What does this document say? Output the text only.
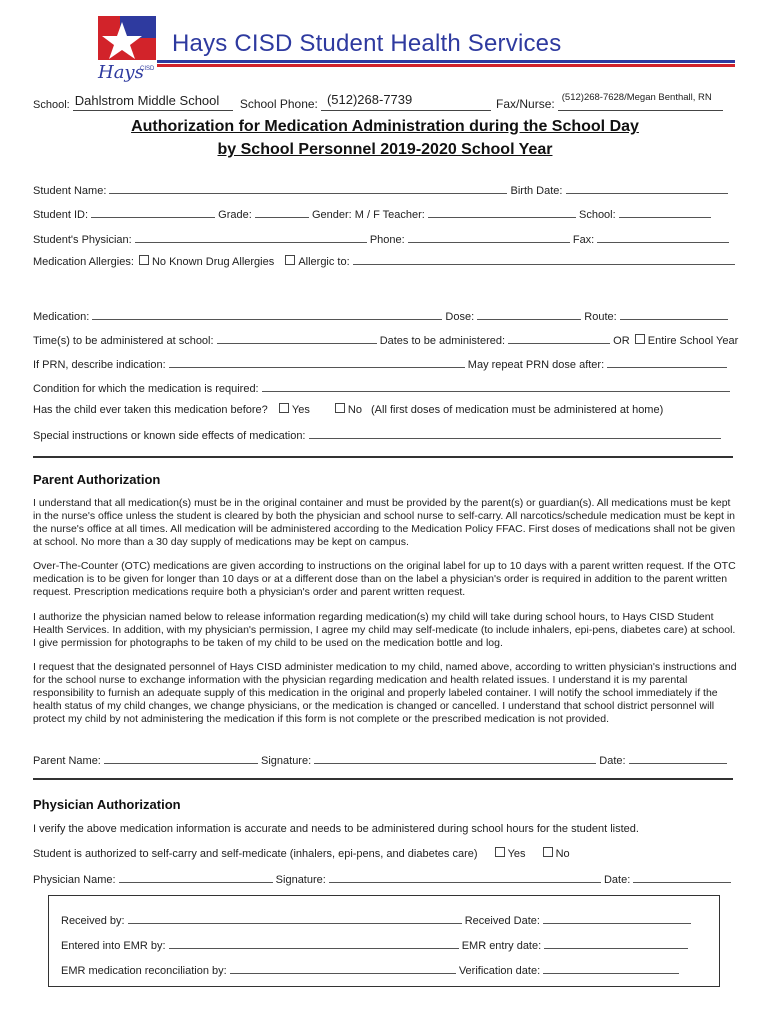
Hays
CISD
Hays CISD Student Health Services
School: Dahlstrom Middle School School Phone: (512)268-7739	Fax/Nurse: (512)268-7628/Megan Benthall, RN
Authorization for Medication Administration during the School Day
by School Personnel 2019-2020 School Year
Student Name:	Birth Date:
Student ID:	Grade:	Gender: M / F Teacher:	School:
Student's Physician:	Phone:	Fax:
Medication Allergies: No Known Drug Allergies Allergic to:
Medication:	Dose:	Route:
Time(s) to be administered at school:	Dates to be administered:	OR Entire School Year
If PRN, describe indication:	May repeat PRN dose after:
Condition for which the medication is required:
Has the child ever taken this medication before? Yes	No (All first doses of medication must be administered at home)
Special instructions or known side effects of medication:
Parent Authorization
I understand that all medication(s) must be in the original container and must be provided by the parent(s) or guardian(s). All medications must be kept in the nurse's office unless the student is cleared by both the physician and school nurse to self-carry. All narcotics/schedule medication must be kept in the nurse's office at all times. All medication will be administered according to the Medication Policy FFAC. First doses of medications shall not be given at school. No more than a 30 day supply of medications may be kept on campus.
Over-The-Counter (OTC) medications are given according to instructions on the original label for up to 10 days with a parent written request. If the OTC medication is to be given for longer than 10 days or at a different dose than on the label a physician's order is required in addition to the parent written request. Prescription medications require both a physician's order and parent written request.
I authorize the physician named below to release information regarding medication(s) my child will take during school hours, to Hays CISD Student Health Services. In addition, with my physician's permission, I agree my child may self-medicate (to include inhalers, epi-pens, diabetes care) at school. I give permission for photographs to be taken of my child to be used on the medication bottle and log.
I request that the designated personnel of Hays CISD administer medication to my child, named above, according to written physician's instructions and for the school nurse to exchange information with the physician regarding medication and health related issues. I understand it is my parental responsibility to furnish an adequate supply of this medication in the original and properly labeled container. I will notify the school immediately if the health status of my child changes, we change physicians, or the medication is changed or cancelled. I understand that school district personnel will protect my child by not administering the medication if this form is not complete or the prescribed medication is not provided.
Parent Name:	Signature:	Date:
Physician Authorization
I verify the above medication information is accurate and needs to be administered during school hours for the student listed.
Student is authorized to self-carry and self-medicate (inhalers, epi-pens, and diabetes care)	Yes	No
Physician Name:	Signature:	Date:
Received by:	Received Date:
Entered into EMR by:	EMR entry date:
EMR medication reconciliation by:	Verification date:
